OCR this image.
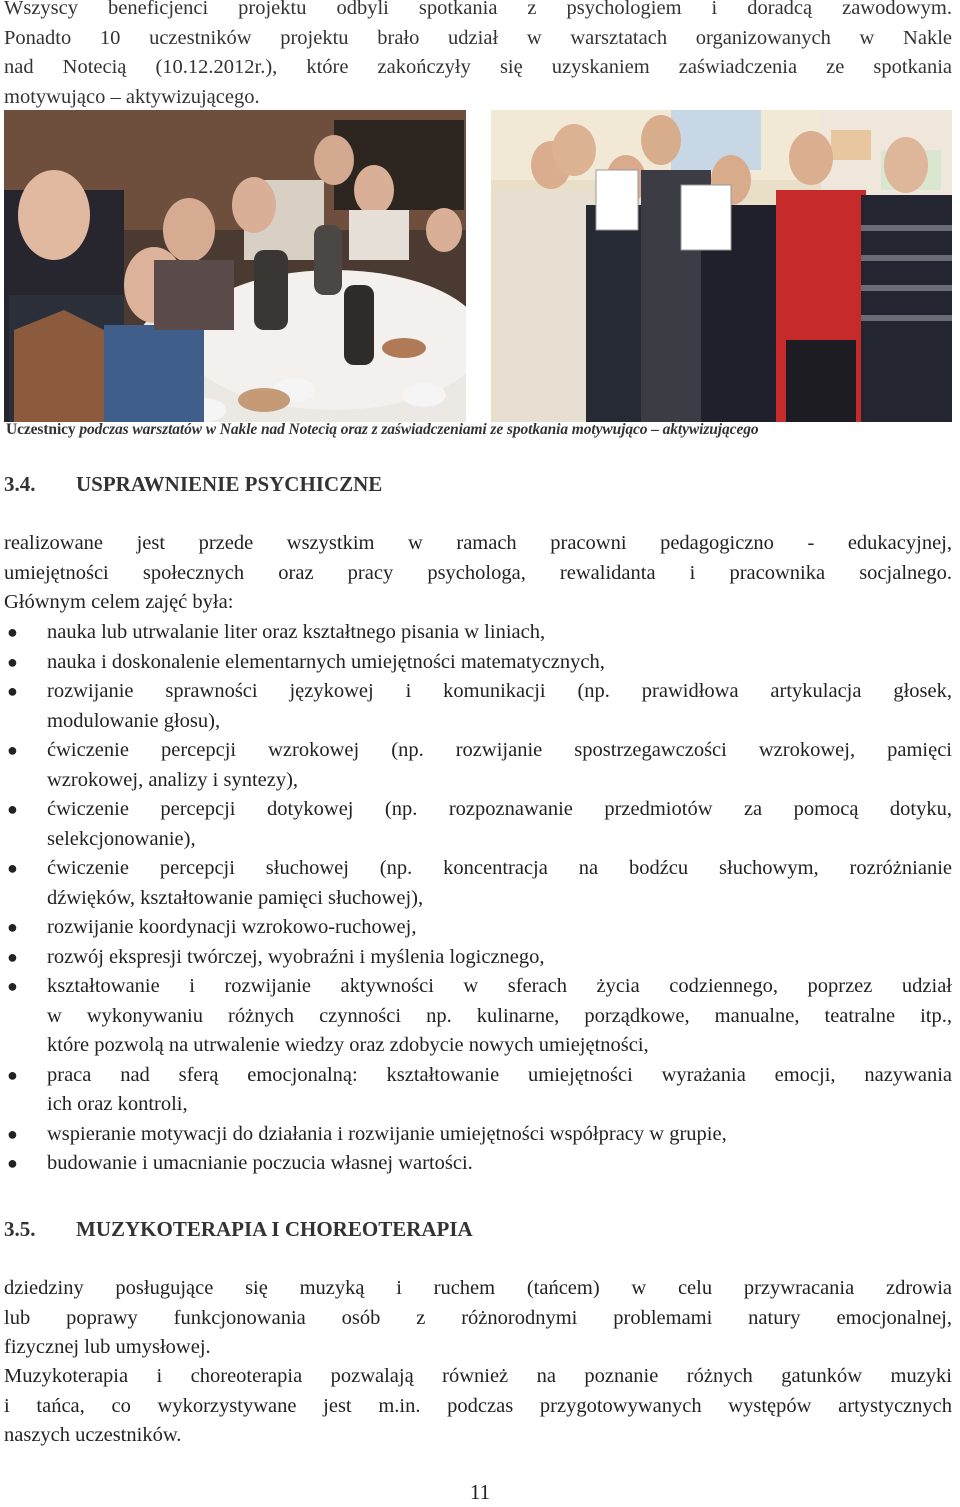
Wszyscy beneficjenci projektu odbyli spotkania z psychologiem i doradcą zawodowym.
Ponadto 10 uczestników projektu brało udział w warsztatach organizowanych w Nakle
nad Notecią (10.12.2012r.), które zakończyły się uzyskaniem zaświadczenia ze spotkania
motywująco – aktywizującego.
Uczestnicy podczas warsztatów w Nakle nad Notecią oraz z zaświadczeniami ze spotkania motywująco – aktywizującego
3.4. USPRAWNIENIE PSYCHICZNE
realizowane jest przede wszystkim w ramach pracowni pedagogiczno - edukacyjnej,
umiejętności społecznych oraz pracy psychologa, rewalidanta i pracownika socjalnego.
Głównym celem zajęć była:
● nauka lub utrwalanie liter oraz kształtnego pisania w liniach,
● nauka i doskonalenie elementarnych umiejętności matematycznych,
● rozwijanie sprawności językowej i komunikacji (np. prawidłowa artykulacja głosek,
modulowanie głosu),
● ćwiczenie percepcji wzrokowej (np. rozwijanie spostrzegawczości wzrokowej, pamięci
wzrokowej, analizy i syntezy),
● ćwiczenie percepcji dotykowej (np. rozpoznawanie przedmiotów za pomocą dotyku,
selekcjonowanie),
● ćwiczenie percepcji słuchowej (np. koncentracja na bodźcu słuchowym, rozróżnianie
dźwięków, kształtowanie pamięci słuchowej),
● rozwijanie koordynacji wzrokowo-ruchowej,
● rozwój ekspresji twórczej, wyobraźni i myślenia logicznego,
● kształtowanie i rozwijanie aktywności w sferach życia codziennego, poprzez udział
w wykonywaniu różnych czynności np. kulinarne, porządkowe, manualne, teatralne itp.,
które pozwolą na utrwalenie wiedzy oraz zdobycie nowych umiejętności,
● praca nad sferą emocjonalną: kształtowanie umiejętności wyrażania emocji, nazywania
ich oraz kontroli,
● wspieranie motywacji do działania i rozwijanie umiejętności współpracy w grupie,
● budowanie i umacnianie poczucia własnej wartości.
3.5. MUZYKOTERAPIA I CHOREOTERAPIA
dziedziny posługujące się muzyką i ruchem (tańcem) w celu przywracania zdrowia
lub poprawy funkcjonowania osób z różnorodnymi problemami natury emocjonalnej,
fizycznej lub umysłowej.
Muzykoterapia i choreoterapia pozwalają również na poznanie różnych gatunków muzyki
i tańca, co wykorzystywane jest m.in. podczas przygotowywanych występów artystycznych
naszych uczestników.
11
